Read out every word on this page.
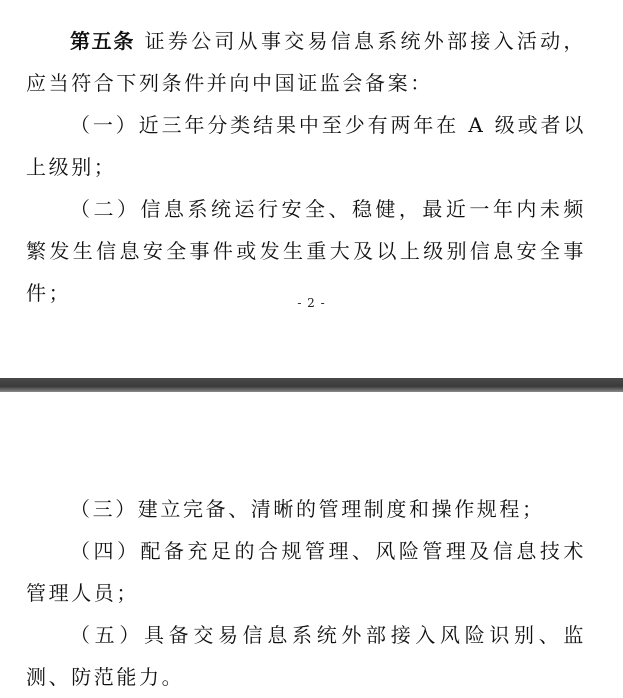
第五条 证券公司从事交易信息系统外部接入活动，应当符合下列条件并向中国证监会备案：

（一）近三年分类结果中至少有两年在 A 级或者以上级别；

（二）信息系统运行安全、稳健，最近一年内未频繁发生信息安全事件或发生重大及以上级别信息安全事件；	- 2 -

（三）建立完备、清晰的管理制度和操作规程；

（四）配备充足的合规管理、风险管理及信息技术管理人员；

（五）具备交易信息系统外部接入风险识别、监测、防范能力。
